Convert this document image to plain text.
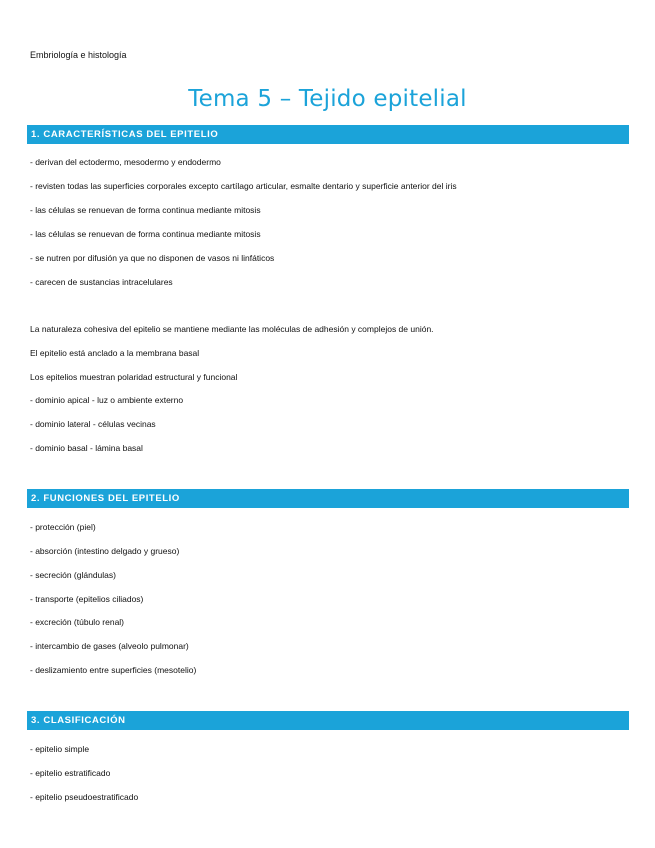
Embriología e histología
Tema 5 – Tejido epitelial
1. CARACTERÍSTICAS DEL EPITELIO
- derivan del ectodermo, mesodermo y endodermo
- revisten todas las superficies corporales excepto cartílago articular, esmalte dentario y superficie anterior del iris
- las células se renuevan de forma continua mediante mitosis
- las células se renuevan de forma continua mediante mitosis
- se nutren por difusión ya que no disponen de vasos ni linfáticos
- carecen de sustancias intracelulares
La naturaleza cohesiva del epitelio se mantiene mediante las moléculas de adhesión y complejos de unión.
El epitelio está anclado a la membrana basal
Los epitelios muestran polaridad estructural y funcional
- dominio apical - luz o ambiente externo
- dominio lateral - células vecinas
- dominio basal - lámina basal
2. FUNCIONES DEL EPITELIO
- protección (piel)
- absorción (intestino delgado y grueso)
- secreción (glándulas)
- transporte (epitelios ciliados)
- excreción (túbulo renal)
- intercambio de gases (alveolo pulmonar)
- deslizamiento entre superficies (mesotelio)
3. CLASIFICACIÓN
- epitelio simple
- epitelio estratificado
- epitelio pseudoestratificado
